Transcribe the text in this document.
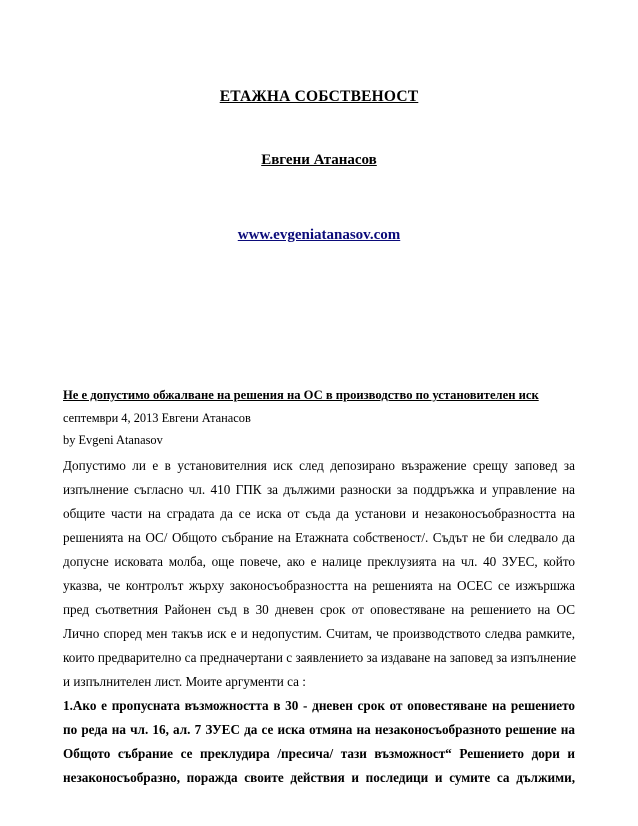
ЕТАЖНА СОБСТВЕНОСТ
Евгени Атанасов
www.evgeniatanasov.com
Не е допустимо обжалване на решения на ОС в производство по установителен иск
септември 4, 2013 Евгени Атанасов
by Evgeni Atanasov
Допустимо ли е в установителния иск след депозирано възражение срещу заповед за
изпълнение съгласно чл. 410 ГПК за дължими разноски за поддръжка и управление на
общите части на сградата да се иска от съда да установи и незаконосъобразността на
решенията на ОС/ Общото събрание на Етажната собственост/. Съдът не би следвало да
допусне исковата молба, още повече, ако е налице преклузията на чл. 40 ЗУЕС, който
указва, че контролът жърху законосъобразността на решенията на ОСЕС се изжършжа
пред съответния Районен съд в 30 дневен срок от оповестяване на решението на ОС
Лично според мен такъв иск е и недопустим. Считам, че производството следва рамките,
които предварително са предначертани с заявлението за издаване на заповед за изпълнение
и изпълнителен лист. Моите аргументи са :
1.Ако е пропусната възможността в 30 - дневен срок от оповестяване на решението
по реда на чл. 16, ал. 7 ЗУЕС да се иска отмяна на незаконосъобразното решение на
Общото събрание се преклудира /пресича/ тази възможност“ Решението дори и
незаконосъобразно, поражда своите действия и последици и сумите са дължими,
